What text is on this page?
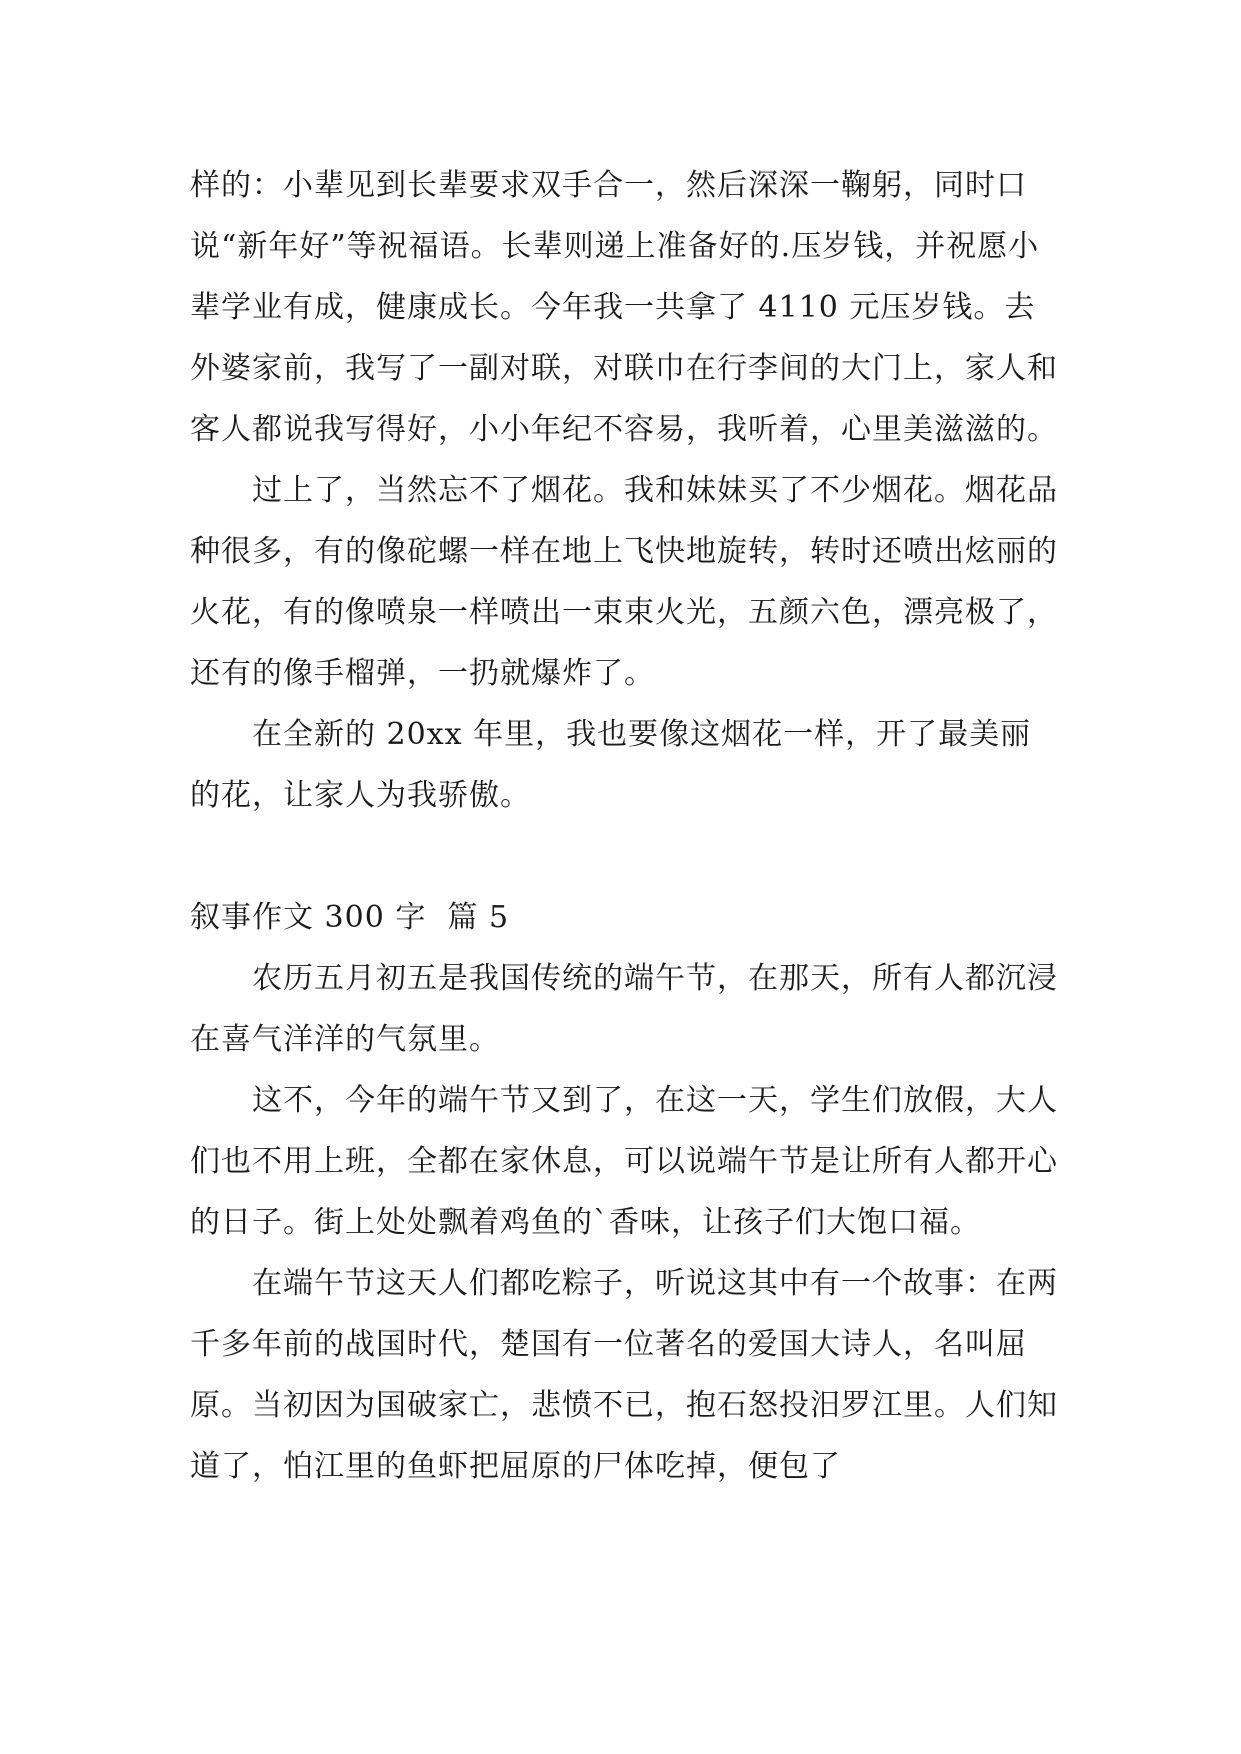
样的：小辈见到长辈要求双手合一，然后深深一鞠躬，同时口说“新年好”等祝福语。长辈则递上准备好的.压岁钱，并祝愿小辈学业有成，健康成长。今年我一共拿了 4110 元压岁钱。去外婆家前，我写了一副对联，对联巾在行李间的大门上，家人和客人都说我写得好，小小年纪不容易，我听着，心里美滋滋的。

　　过上了，当然忘不了烟花。我和妹妹买了不少烟花。烟花品种很多，有的像砣螺一样在地上飞快地旋转，转时还喷出炫丽的火花，有的像喷泉一样喷出一束束火光，五颜六色，漂亮极了，还有的像手榴弹，一扔就爆炸了。

　　在全新的 20xx 年里，我也要像这烟花一样，开了最美丽的花，让家人为我骄傲。

叙事作文 300 字  篇 5

　　农历五月初五是我国传统的端午节，在那天，所有人都沉浸在喜气洋洋的气氛里。

　　这不，今年的端午节又到了，在这一天，学生们放假，大人们也不用上班，全都在家休息，可以说端午节是让所有人都开心的日子。街上处处飘着鸡鱼的`香味，让孩子们大饱口福。

　　在端午节这天人们都吃粽子，听说这其中有一个故事：在两千多年前的战国时代，楚国有一位著名的爱国大诗人，名叫屈原。当初因为国破家亡，悲愤不已，抱石怒投汨罗江里。人们知道了，怕江里的鱼虾把屈原的尸体吃掉，便包了
